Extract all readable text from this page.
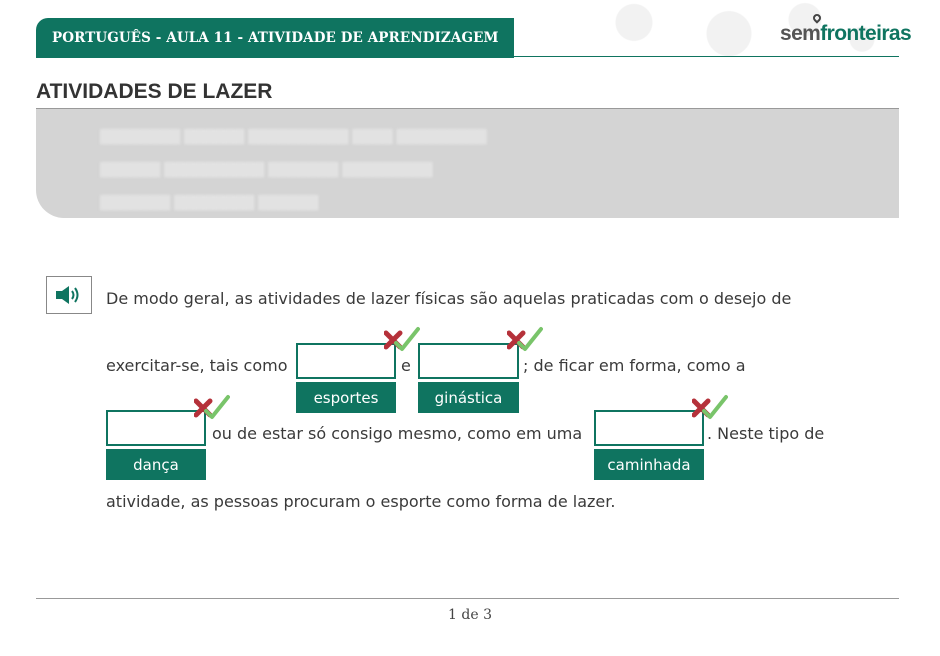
PORTUGUÊS - AULA 11 - ATIVIDADE DE APRENDIZAGEM	semfronteiras
ATIVIDADES DE LAZER
████████ ██████ ██████████ ████ █████████
██████ ██████████ ███████ █████████
███████ ████████ ██████
De modo geral, as atividades de lazer físicas são aquelas praticadas com o desejo de
exercitar-se, tais como	e	; de ficar em forma, como a
esportes	ginástica
ou de estar só consigo mesmo, como em uma	. Neste tipo de
dança	caminhada
atividade, as pessoas procuram o esporte como forma de lazer.
1 de 3
